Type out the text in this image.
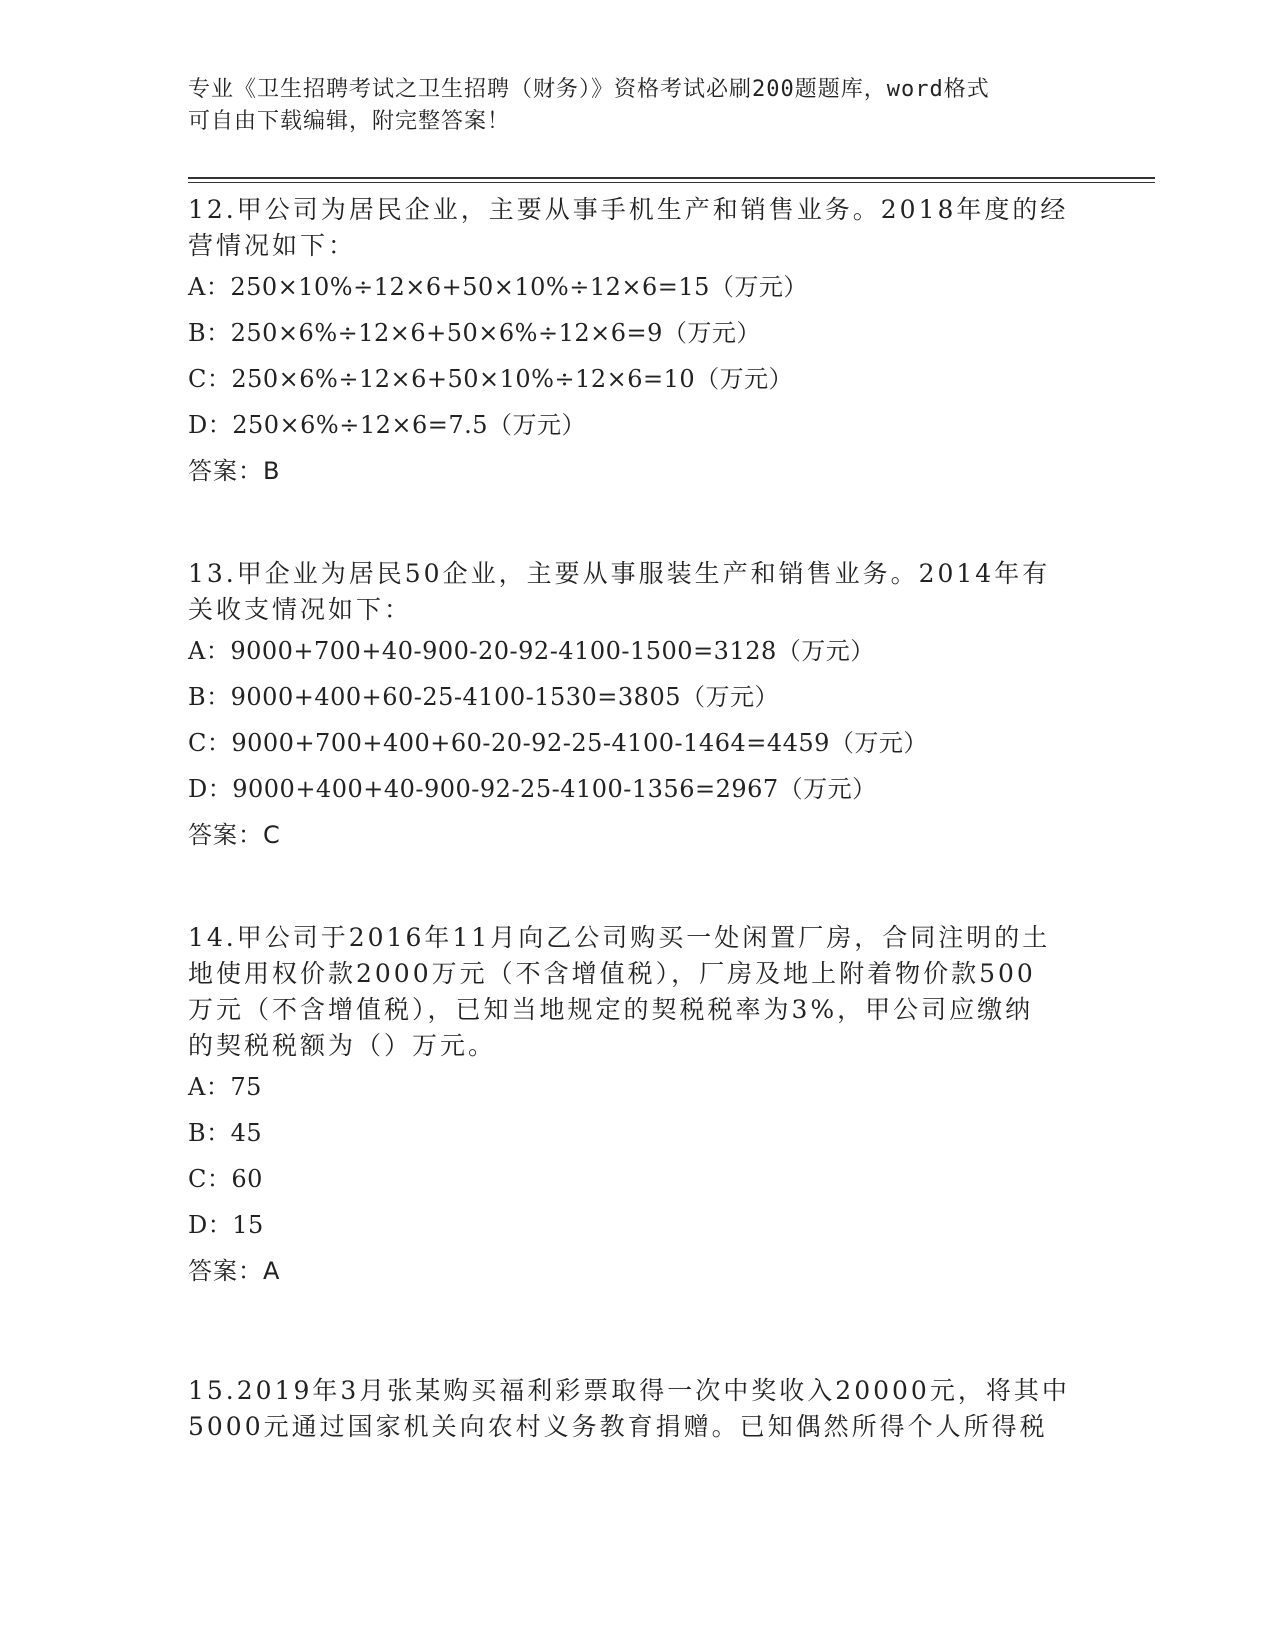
专业《卫生招聘考试之卫生招聘（财务）》资格考试必刷200题题库，word格式
可自由下载编辑，附完整答案！
12.甲公司为居民企业，主要从事手机生产和销售业务。2018年度的经
营情况如下：
A：250×10%÷12×6+50×10%÷12×6=15（万元）
B：250×6%÷12×6+50×6%÷12×6=9（万元）
C：250×6%÷12×6+50×10%÷12×6=10（万元）
D：250×6%÷12×6=7.5（万元）
答案：B
13.甲企业为居民50企业，主要从事服装生产和销售业务。2014年有
关收支情况如下：
A：9000+700+40-900-20-92-4100-1500=3128（万元）
B：9000+400+60-25-4100-1530=3805（万元）
C：9000+700+400+60-20-92-25-4100-1464=4459（万元）
D：9000+400+40-900-92-25-4100-1356=2967（万元）
答案：C
14.甲公司于2016年11月向乙公司购买一处闲置厂房，合同注明的土
地使用权价款2000万元（不含增值税），厂房及地上附着物价款500
万元（不含增值税），已知当地规定的契税税率为3%，甲公司应缴纳
的契税税额为（）万元。
A：75
B：45
C：60
D：15
答案：A
15.2019年3月张某购买福利彩票取得一次中奖收入20000元，将其中
5000元通过国家机关向农村义务教育捐赠。已知偶然所得个人所得税
